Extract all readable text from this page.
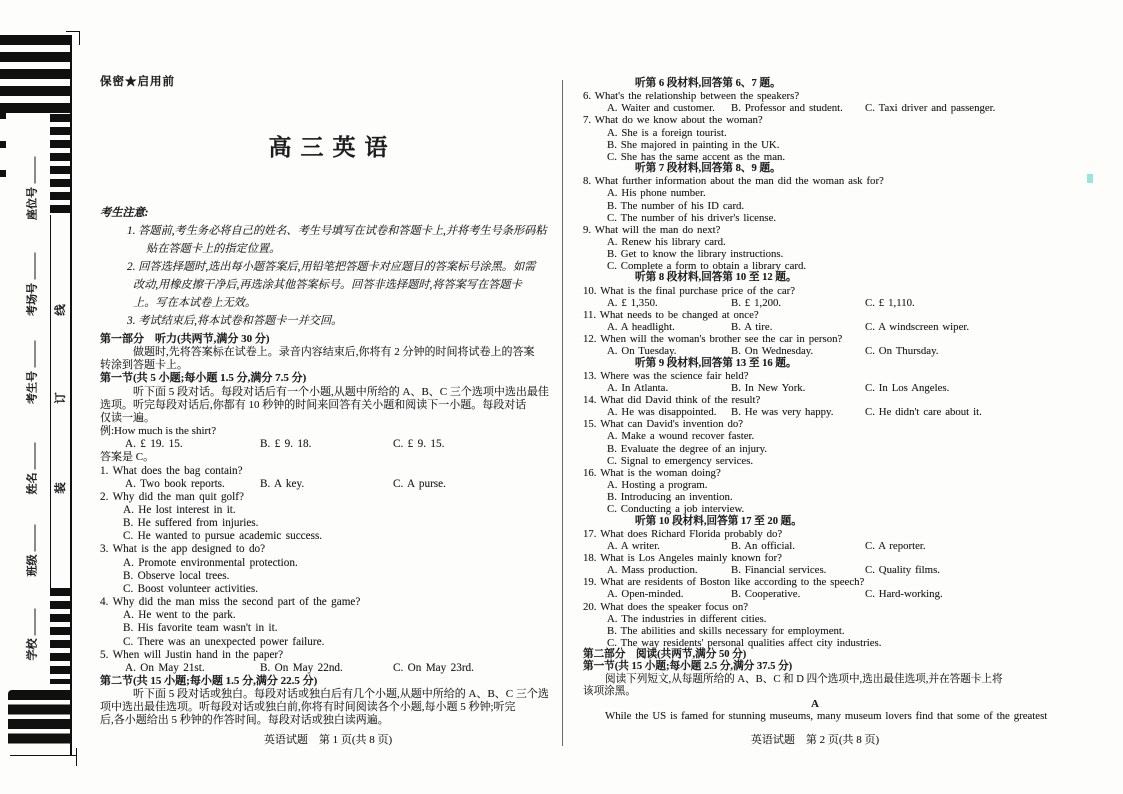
线
订
装
座位号
考场号
考生号
姓名
班级
学校
保密★启用前
高三英语
考生注意:
1. 答题前,考生务必将自己的姓名、考生号填写在试卷和答题卡上,并将考生号条形码粘
贴在答题卡上的指定位置。
2. 回答选择题时,选出每小题答案后,用铅笔把答题卡对应题目的答案标号涂黑。如需
改动,用橡皮擦干净后,再选涂其他答案标号。回答非选择题时,将答案写在答题卡
上。写在本试卷上无效。
3. 考试结束后,将本试卷和答题卡一并交回。
第一部分　听力(共两节,满分 30 分)
做题时,先将答案标在试卷上。录音内容结束后,你将有 2 分钟的时间将试卷上的答案
转涂到答题卡上。
第一节(共 5 小题;每小题 1.5 分,满分 7.5 分)
听下面 5 段对话。每段对话后有一个小题,从题中所给的 A、B、C 三个选项中选出最佳
选项。听完每段对话后,你都有 10 秒钟的时间来回答有关小题和阅读下一小题。每段对话
仅读一遍。
例:How much is the shirt?
A. £ 19. 15.	B. £ 9. 18.	C. £ 9. 15.
答案是 C。
1. What does the bag contain?
A. Two book reports.	B. A key.	C. A purse.
2. Why did the man quit golf?
A. He lost interest in it.
B. He suffered from injuries.
C. He wanted to pursue academic success.
3. What is the app designed to do?
A. Promote environmental protection.
B. Observe local trees.
C. Boost volunteer activities.
4. Why did the man miss the second part of the game?
A. He went to the park.
B. His favorite team wasn't in it.
C. There was an unexpected power failure.
5. When will Justin hand in the paper?
A. On May 21st.	B. On May 22nd.	C. On May 23rd.
第二节(共 15 小题;每小题 1.5 分,满分 22.5 分)
听下面 5 段对话或独白。每段对话或独白后有几个小题,从题中所给的 A、B、C 三个选
项中选出最佳选项。听每段对话或独白前,你将有时间阅读各个小题,每小题 5 秒钟;听完
后,各小题给出 5 秒钟的作答时间。每段对话或独白读两遍。
英语试题　第 1 页(共 8 页)
听第 6 段材料,回答第 6、7 题。
6. What's the relationship between the speakers?
A. Waiter and customer. B. Professor and student. C. Taxi driver and passenger.
7. What do we know about the woman?
A. She is a foreign tourist.
B. She majored in painting in the UK.
C. She has the same accent as the man.
听第 7 段材料,回答第 8、9 题。
8. What further information about the man did the woman ask for?
A. His phone number.
B. The number of his ID card.
C. The number of his driver's license.
9. What will the man do next?
A. Renew his library card.
B. Get to know the library instructions.
C. Complete a form to obtain a library card.
听第 8 段材料,回答第 10 至 12 题。
10. What is the final purchase price of the car?
A. £ 1,350.	B. £ 1,200.	C. £ 1,110.
11. What needs to be changed at once?
A. A headlight.	B. A tire.	C. A windscreen wiper.
12. When will the woman's brother see the car in person?
A. On Tuesday.	B. On Wednesday.	C. On Thursday.
听第 9 段材料,回答第 13 至 16 题。
13. Where was the science fair held?
A. In Atlanta.	B. In New York.	C. In Los Angeles.
14. What did David think of the result?
A. He was disappointed. B. He was very happy.	C. He didn't care about it.
15. What can David's invention do?
A. Make a wound recover faster.
B. Evaluate the degree of an injury.
C. Signal to emergency services.
16. What is the woman doing?
A. Hosting a program.
B. Introducing an invention.
C. Conducting a job interview.
听第 10 段材料,回答第 17 至 20 题。
17. What does Richard Florida probably do?
A. A writer.	B. An official.	C. A reporter.
18. What is Los Angeles mainly known for?
A. Mass production.	B. Financial services.	C. Quality films.
19. What are residents of Boston like according to the speech?
A. Open-minded.	B. Cooperative.	C. Hard-working.
20. What does the speaker focus on?
A. The industries in different cities.
B. The abilities and skills necessary for employment.
C. The way residents' personal qualities affect city industries.
第二部分　阅读(共两节,满分 50 分)
第一节(共 15 小题;每小题 2.5 分,满分 37.5 分)
阅读下列短文,从每题所给的 A、B、C 和 D 四个选项中,选出最佳选项,并在答题卡上将
该项涂黑。
A
While the US is famed for stunning museums, many museum lovers find that some of the greatest
英语试题　第 2 页(共 8 页)
